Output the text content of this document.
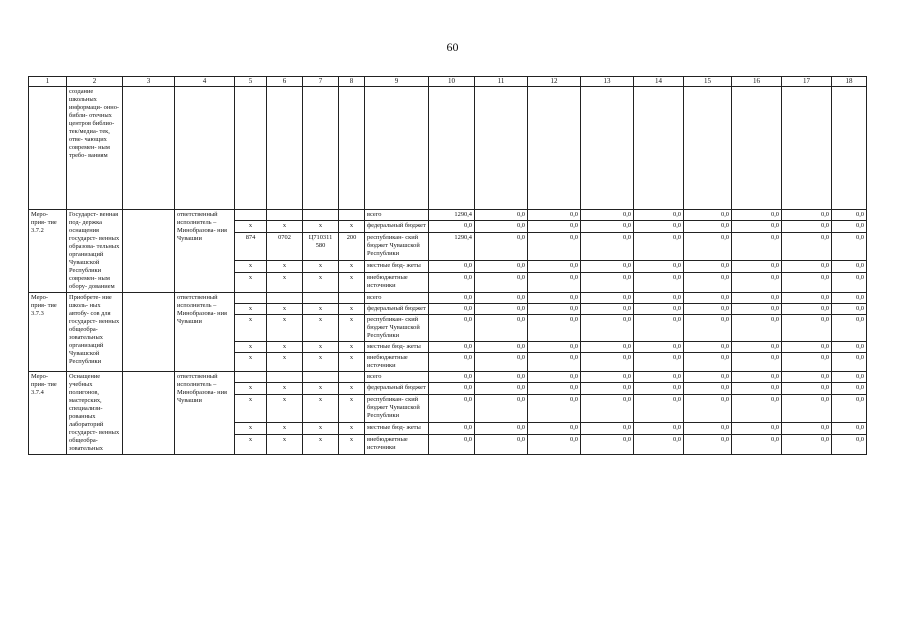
60
1	2	3	4	5	6	7	8	9	10	11	12	13	14	15	16	17	18
	создание школьных информаци- онно-библи- отечных центров библио- тек/медиа- тек, отве- чающих современ- ным требо- ваниям																
Меро- прия- тие 3.7.2	Государст- венная под- держка оснащения государст- венных образова- тельных организаций Чувашской Республики современ- ным обору- дованием		ответственный исполнитель – Минобразова- ния Чувашии					всего	1290,4	0,0	0,0	0,0	0,0	0,0	0,0	0,0	0,0
				х	х	х	х	федеральный бюджет	0,0	0,0	0,0	0,0	0,0	0,0	0,0	0,0	0,0
				874	0702	Ц710311 580	200	республикан- ский бюджет Чувашской Республики	1290,4	0,0	0,0	0,0	0,0	0,0	0,0	0,0	0,0
				х	х	х	х	местные бюд- жеты	0,0	0,0	0,0	0,0	0,0	0,0	0,0	0,0	0,0
				х	х	х	х	внебюджетные источники	0,0	0,0	0,0	0,0	0,0	0,0	0,0	0,0	0,0
Меро- прия- тие 3.7.3	Приобрете- ние школь- ных автобу- сов для государст- венных общеобра- зовательных организаций Чувашской Республики		ответственный исполнитель – Минобразова- ния Чувашии					всего	0,0	0,0	0,0	0,0	0,0	0,0	0,0	0,0	0,0
				х	х	х	х	федеральный бюджет	0,0	0,0	0,0	0,0	0,0	0,0	0,0	0,0	0,0
				х	х	х	х	республикан- ский бюджет Чувашской Республики	0,0	0,0	0,0	0,0	0,0	0,0	0,0	0,0	0,0
				х	х	х	х	местные бюд- жеты	0,0	0,0	0,0	0,0	0,0	0,0	0,0	0,0	0,0
				х	х	х	х	внебюджетные источники	0,0	0,0	0,0	0,0	0,0	0,0	0,0	0,0	0,0
Меро- прия- тие 3.7.4	Оснащение учебных полигонов, мастерских, специализи- рованных лабораторий государст- венных общеобра- зовательных		ответственный исполнитель – Минобразова- ния Чувашии					всего	0,0	0,0	0,0	0,0	0,0	0,0	0,0	0,0	0,0
				х	х	х	х	федеральный бюджет	0,0	0,0	0,0	0,0	0,0	0,0	0,0	0,0	0,0
				х	х	х	х	республикан- ский бюджет Чувашской Республики	0,0	0,0	0,0	0,0	0,0	0,0	0,0	0,0	0,0
				х	х	х	х	местные бюд- жеты	0,0	0,0	0,0	0,0	0,0	0,0	0,0	0,0	0,0
				х	х	х	х	внебюджетные источники	0,0	0,0	0,0	0,0	0,0	0,0	0,0	0,0	0,0
